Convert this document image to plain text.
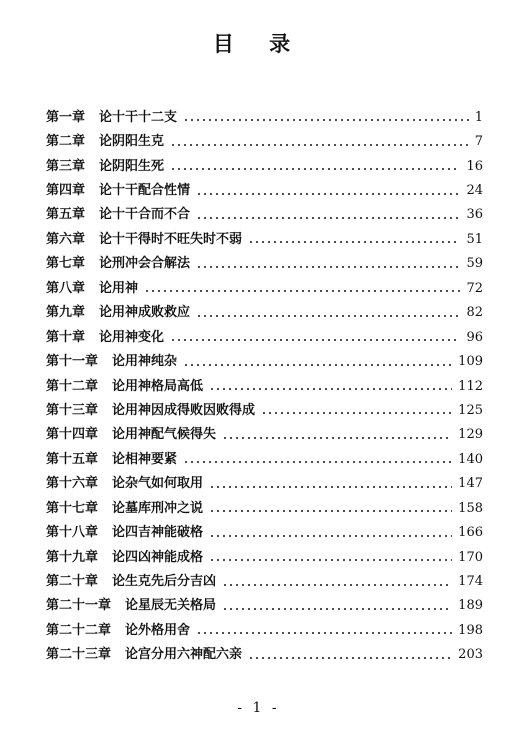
目 录
第一章 论十干十二支	1
第二章 论阴阳生克	7
第三章 论阴阳生死	16
第四章 论十干配合性情	24
第五章 论十干合而不合	36
第六章 论十干得时不旺失时不弱	51
第七章 论刑冲会合解法	59
第八章 论用神	72
第九章 论用神成败救应	82
第十章 论用神变化	96
第十一章 论用神纯杂	109
第十二章 论用神格局高低	112
第十三章 论用神因成得败因败得成	125
第十四章 论用神配气候得失	129
第十五章 论相神要紧	140
第十六章 论杂气如何取用	147
第十七章 论墓库刑冲之说	158
第十八章 论四吉神能破格	166
第十九章 论四凶神能成格	170
第二十章 论生克先后分吉凶	174
第二十一章 论星辰无关格局	189
第二十二章 论外格用舍	198
第二十三章 论宫分用六神配六亲	203
- 1 -
